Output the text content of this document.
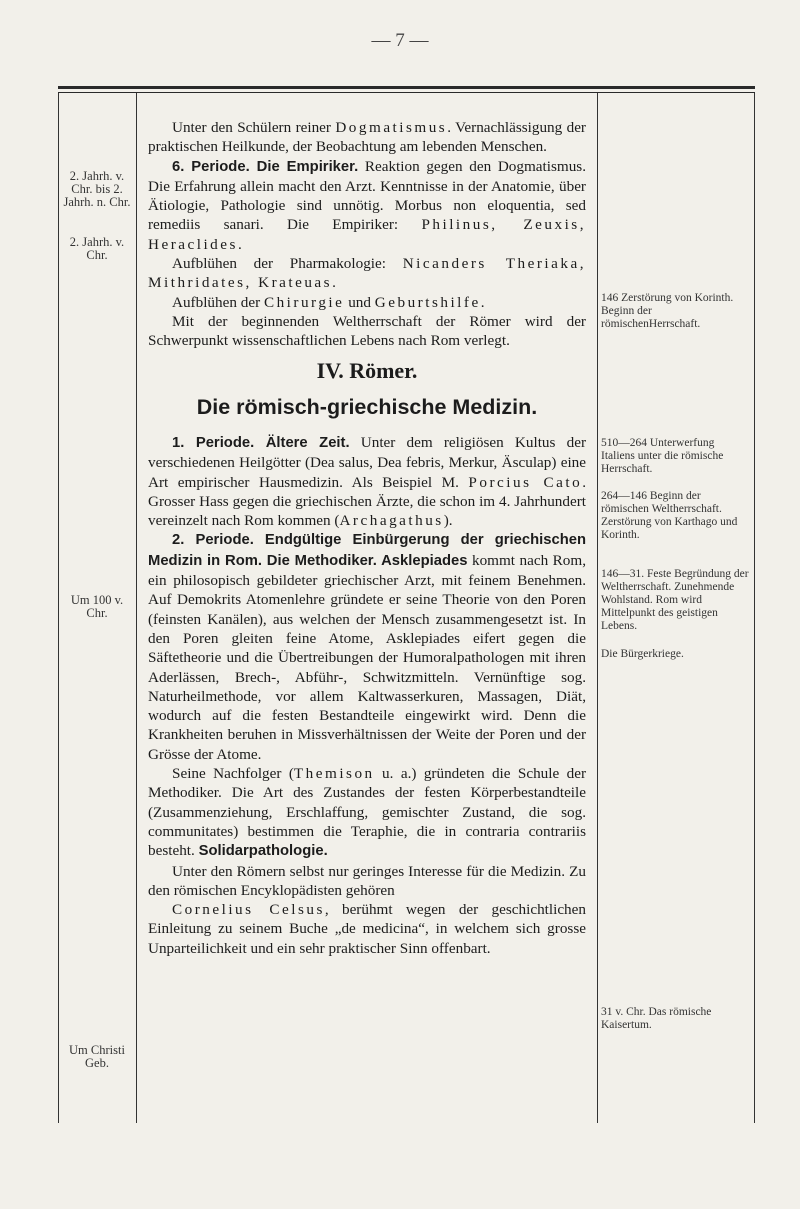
— 7 —
2. Jahrh. v. Chr. bis 2. Jahrh. n. Chr.
2. Jahrh. v. Chr.
Um 100 v. Chr.
Um Christi Geb.
146 Zerstörung von Korinth. Beginn der römischenHerrschaft.
510—264 Unterwerfung Italiens unter die römische Herrschaft.
264—146 Beginn der römischen Weltherrschaft. Zerstörung von Karthago und Korinth.
146—31. Feste Begründung der Weltherrschaft. Zunehmende Wohlstand. Rom wird Mittelpunkt des geistigen Lebens.
Die Bürgerkriege.
31 v. Chr. Das römische Kaisertum.

Unter den Schülern reiner Dogmatismus. Vernachlässigung der praktischen Heilkunde, der Beobachtung am lebenden Menschen.

6. Periode. Die Empiriker. Reaktion gegen den Dogmatismus. Die Erfahrung allein macht den Arzt. Kenntnisse in der Anatomie, über Ätiologie, Pathologie sind unnötig. Morbus non eloquentia, sed remediis sanari. Die Empiriker: Philinus, Zeuxis, Heraclides.

Aufblühen der Pharmakologie: Nicanders Theriaka, Mithridates, Krateuas.

Aufblühen der Chirurgie und Geburtshilfe.

Mit der beginnenden Weltherrschaft der Römer wird der Schwerpunkt wissenschaftlichen Lebens nach Rom verlegt.

IV. Römer.
Die römisch-griechische Medizin.

1. Periode. Ältere Zeit. Unter dem religiösen Kultus der verschiedenen Heilgötter (Dea salus, Dea febris, Merkur, Äsculap) eine Art empirischer Hausmedizin. Als Beispiel M. Porcius Cato. Grosser Hass gegen die griechischen Ärzte, die schon im 4. Jahrhundert vereinzelt nach Rom kommen (Archagathus).

2. Periode. Endgültige Einbürgerung der griechischen Medizin in Rom. Die Methodiker. Asklepiades kommt nach Rom, ein philosopisch gebildeter griechischer Arzt, mit feinem Benehmen. Auf Demokrits Atomenlehre gründete er seine Theorie von den Poren (feinsten Kanälen), aus welchen der Mensch zusammengesetzt ist. In den Poren gleiten feine Atome, Asklepiades eifert gegen die Säftetheorie und die Übertreibungen der Humoralpathologen mit ihren Aderlässen, Brech-, Abführ-, Schwitzmitteln. Vernünftige sog. Naturheilmethode, vor allem Kaltwasserkuren, Massagen, Diät, wodurch auf die festen Bestandteile eingewirkt wird. Denn die Krankheiten beruhen in Missverhältnissen der Weite der Poren und der Grösse der Atome.

Seine Nachfolger (Themison u. a.) gründeten die Schule der Methodiker. Die Art des Zustandes der festen Körperbestandteile (Zusammenziehung, Erschlaffung, gemischter Zustand, die sog. communitates) bestimmen die Teraphie, die in contraria contrariis besteht. Solidarpathologie.

Unter den Römern selbst nur geringes Interesse für die Medizin. Zu den römischen Encyklopädisten gehören

Cornelius Celsus, berühmt wegen der geschichtlichen Einleitung zu seinem Buche „de medicina“, in welchem sich grosse Unparteilichkeit und ein sehr praktischer Sinn offenbart.
